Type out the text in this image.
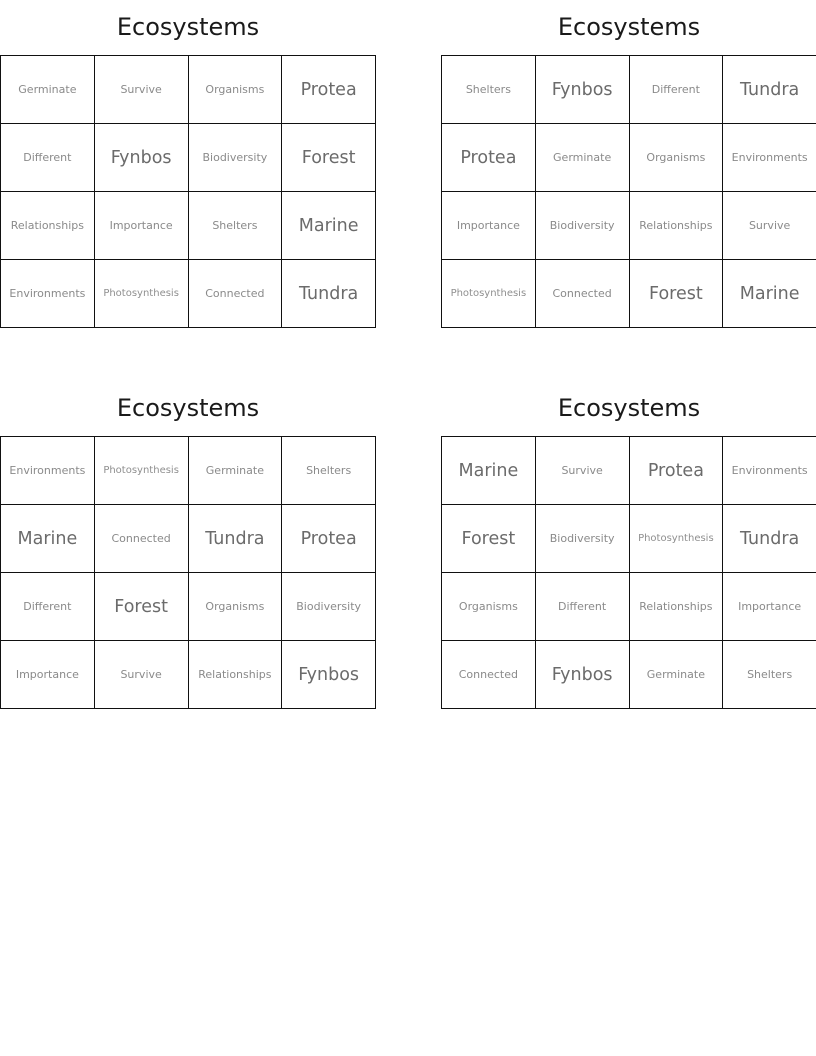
Ecosystems
Germinate	Survive	Organisms	Protea
Different	Fynbos	Biodiversity	Forest
Relationships	Importance	Shelters	Marine
Environments	Photosynthesis	Connected	Tundra
Ecosystems
Shelters	Fynbos	Different	Tundra
Protea	Germinate	Organisms	Environments
Importance	Biodiversity	Relationships	Survive
Photosynthesis	Connected	Forest	Marine
Ecosystems
Environments	Photosynthesis	Germinate	Shelters
Marine	Connected	Tundra	Protea
Different	Forest	Organisms	Biodiversity
Importance	Survive	Relationships	Fynbos
Ecosystems
Marine	Survive	Protea	Environments
Forest	Biodiversity	Photosynthesis	Tundra
Organisms	Different	Relationships	Importance
Connected	Fynbos	Germinate	Shelters
